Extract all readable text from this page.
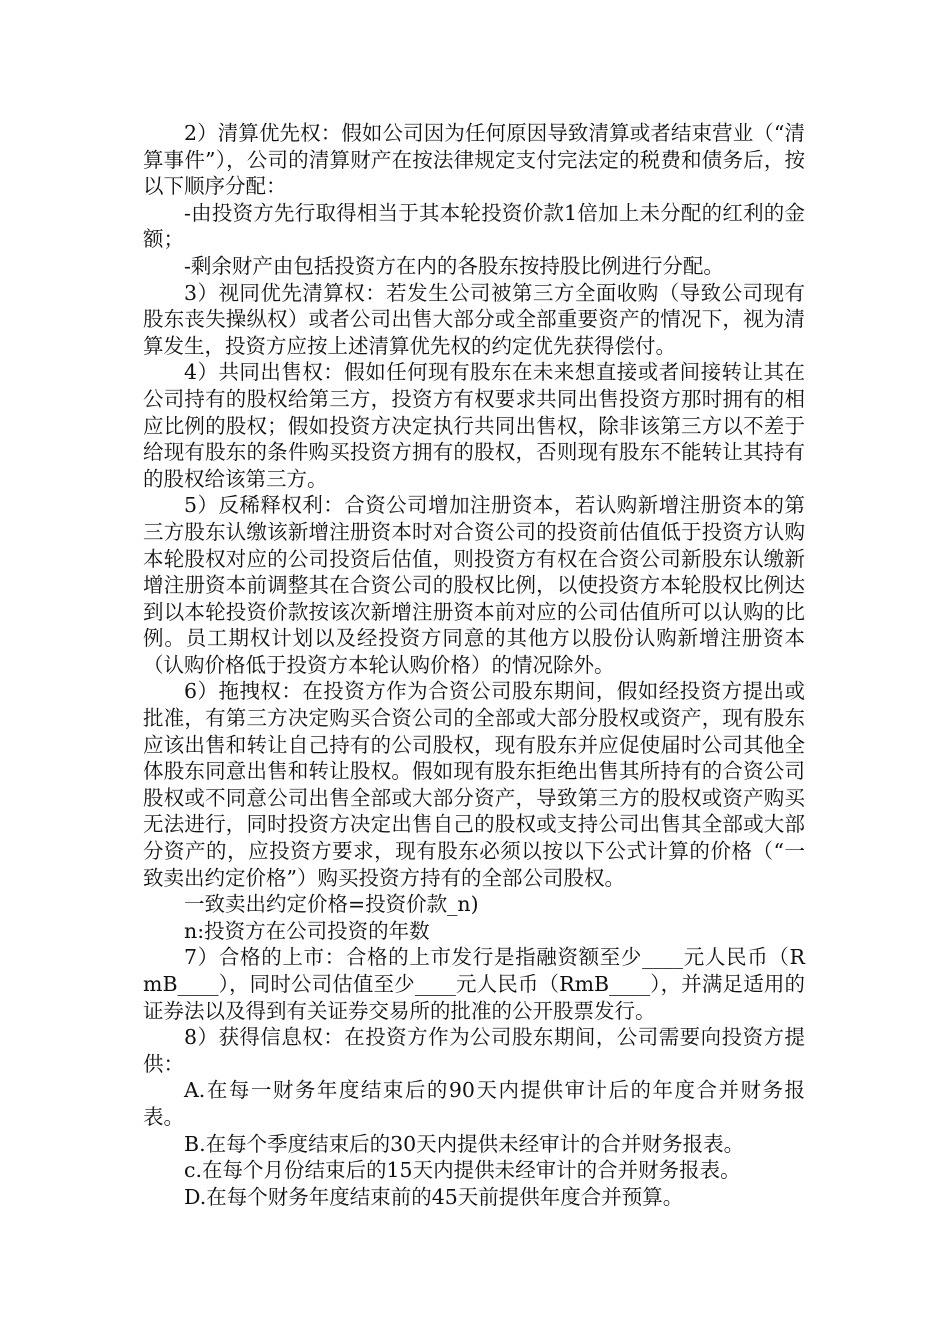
2）清算优先权：假如公司因为任何原因导致清算或者结束营业（“清算事件”），公司的清算财产在按法律规定支付完法定的税费和债务后，按以下顺序分配：

-由投资方先行取得相当于其本轮投资价款1倍加上未分配的红利的金额；

-剩余财产由包括投资方在内的各股东按持股比例进行分配。

3）视同优先清算权：若发生公司被第三方全面收购（导致公司现有股东丧失操纵权）或者公司出售大部分或全部重要资产的情况下，视为清算发生，投资方应按上述清算优先权的约定优先获得偿付。

4）共同出售权：假如任何现有股东在未来想直接或者间接转让其在公司持有的股权给第三方，投资方有权要求共同出售投资方那时拥有的相应比例的股权；假如投资方决定执行共同出售权，除非该第三方以不差于给现有股东的条件购买投资方拥有的股权，否则现有股东不能转让其持有的股权给该第三方。

5）反稀释权利：合资公司增加注册资本，若认购新增注册资本的第三方股东认缴该新增注册资本时对合资公司的投资前估值低于投资方认购本轮股权对应的公司投资后估值，则投资方有权在合资公司新股东认缴新增注册资本前调整其在合资公司的股权比例，以使投资方本轮股权比例达到以本轮投资价款按该次新增注册资本前对应的公司估值所可以认购的比例。员工期权计划以及经投资方同意的其他方以股份认购新增注册资本（认购价格低于投资方本轮认购价格）的情况除外。

6）拖拽权：在投资方作为合资公司股东期间，假如经投资方提出或批准，有第三方决定购买合资公司的全部或大部分股权或资产，现有股东应该出售和转让自己持有的公司股权，现有股东并应促使届时公司其他全体股东同意出售和转让股权。假如现有股东拒绝出售其所持有的合资公司股权或不同意公司出售全部或大部分资产，导致第三方的股权或资产购买无法进行，同时投资方决定出售自己的股权或支持公司出售其全部或大部分资产的，应投资方要求，现有股东必须以按以下公式计算的价格（“一致卖出约定价格”）购买投资方持有的全部公司股权。

一致卖出约定价格=投资价款_n)

n:投资方在公司投资的年数

7）合格的上市：合格的上市发行是指融资额至少____元人民币（RmB____），同时公司估值至少____元人民币（RmB____），并满足适用的证券法以及得到有关证券交易所的批准的公开股票发行。

8）获得信息权：在投资方作为公司股东期间，公司需要向投资方提供：

A.在每一财务年度结束后的90天内提供审计后的年度合并财务报表。

B.在每个季度结束后的30天内提供未经审计的合并财务报表。

c.在每个月份结束后的15天内提供未经审计的合并财务报表。

D.在每个财务年度结束前的45天前提供年度合并预算。
